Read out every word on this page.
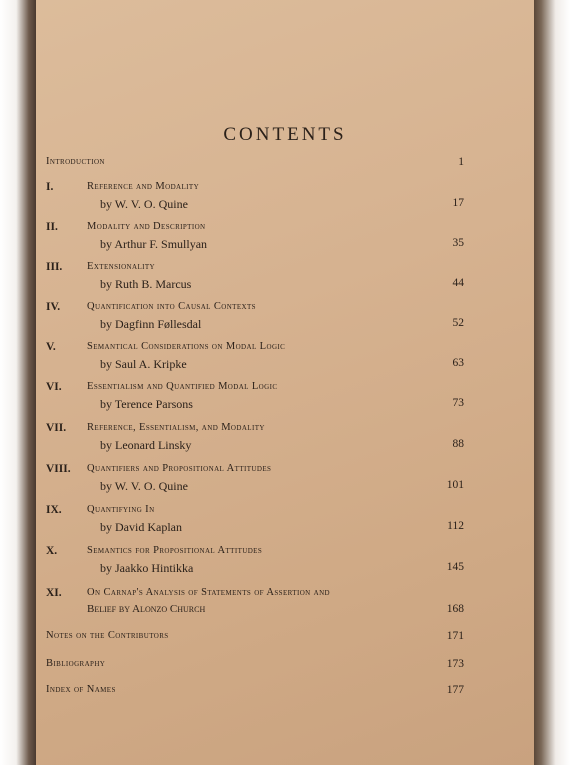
CONTENTS
Introduction	1
I.	Reference and Modality
by W. V. O. Quine	17
II.	Modality and Description
by Arthur F. Smullyan	35
III. Extensionality
by Ruth B. Marcus	44
IV.	Quantification into Causal Contexts
by Dagfinn Føllesdal	52
V.	Semantical Considerations on Modal Logic
by Saul A. Kripke	63
VI. Essentialism and Quantified Modal Logic
by Terence Parsons	73
VII. Reference, Essentialism, and Modality
by Leonard Linsky	88
VIII. Quantifiers and Propositional Attitudes
by W. V. O. Quine	101
IX. Quantifying In
by David Kaplan	112
X.	Semantics for Propositional Attitudes
by Jaakko Hintikka	145
XI. On Carnap's Analysis of Statements of Assertion and
Belief by Alonzo Church	168
Notes on the Contributors	171
Bibliography	173
Index of Names	177
